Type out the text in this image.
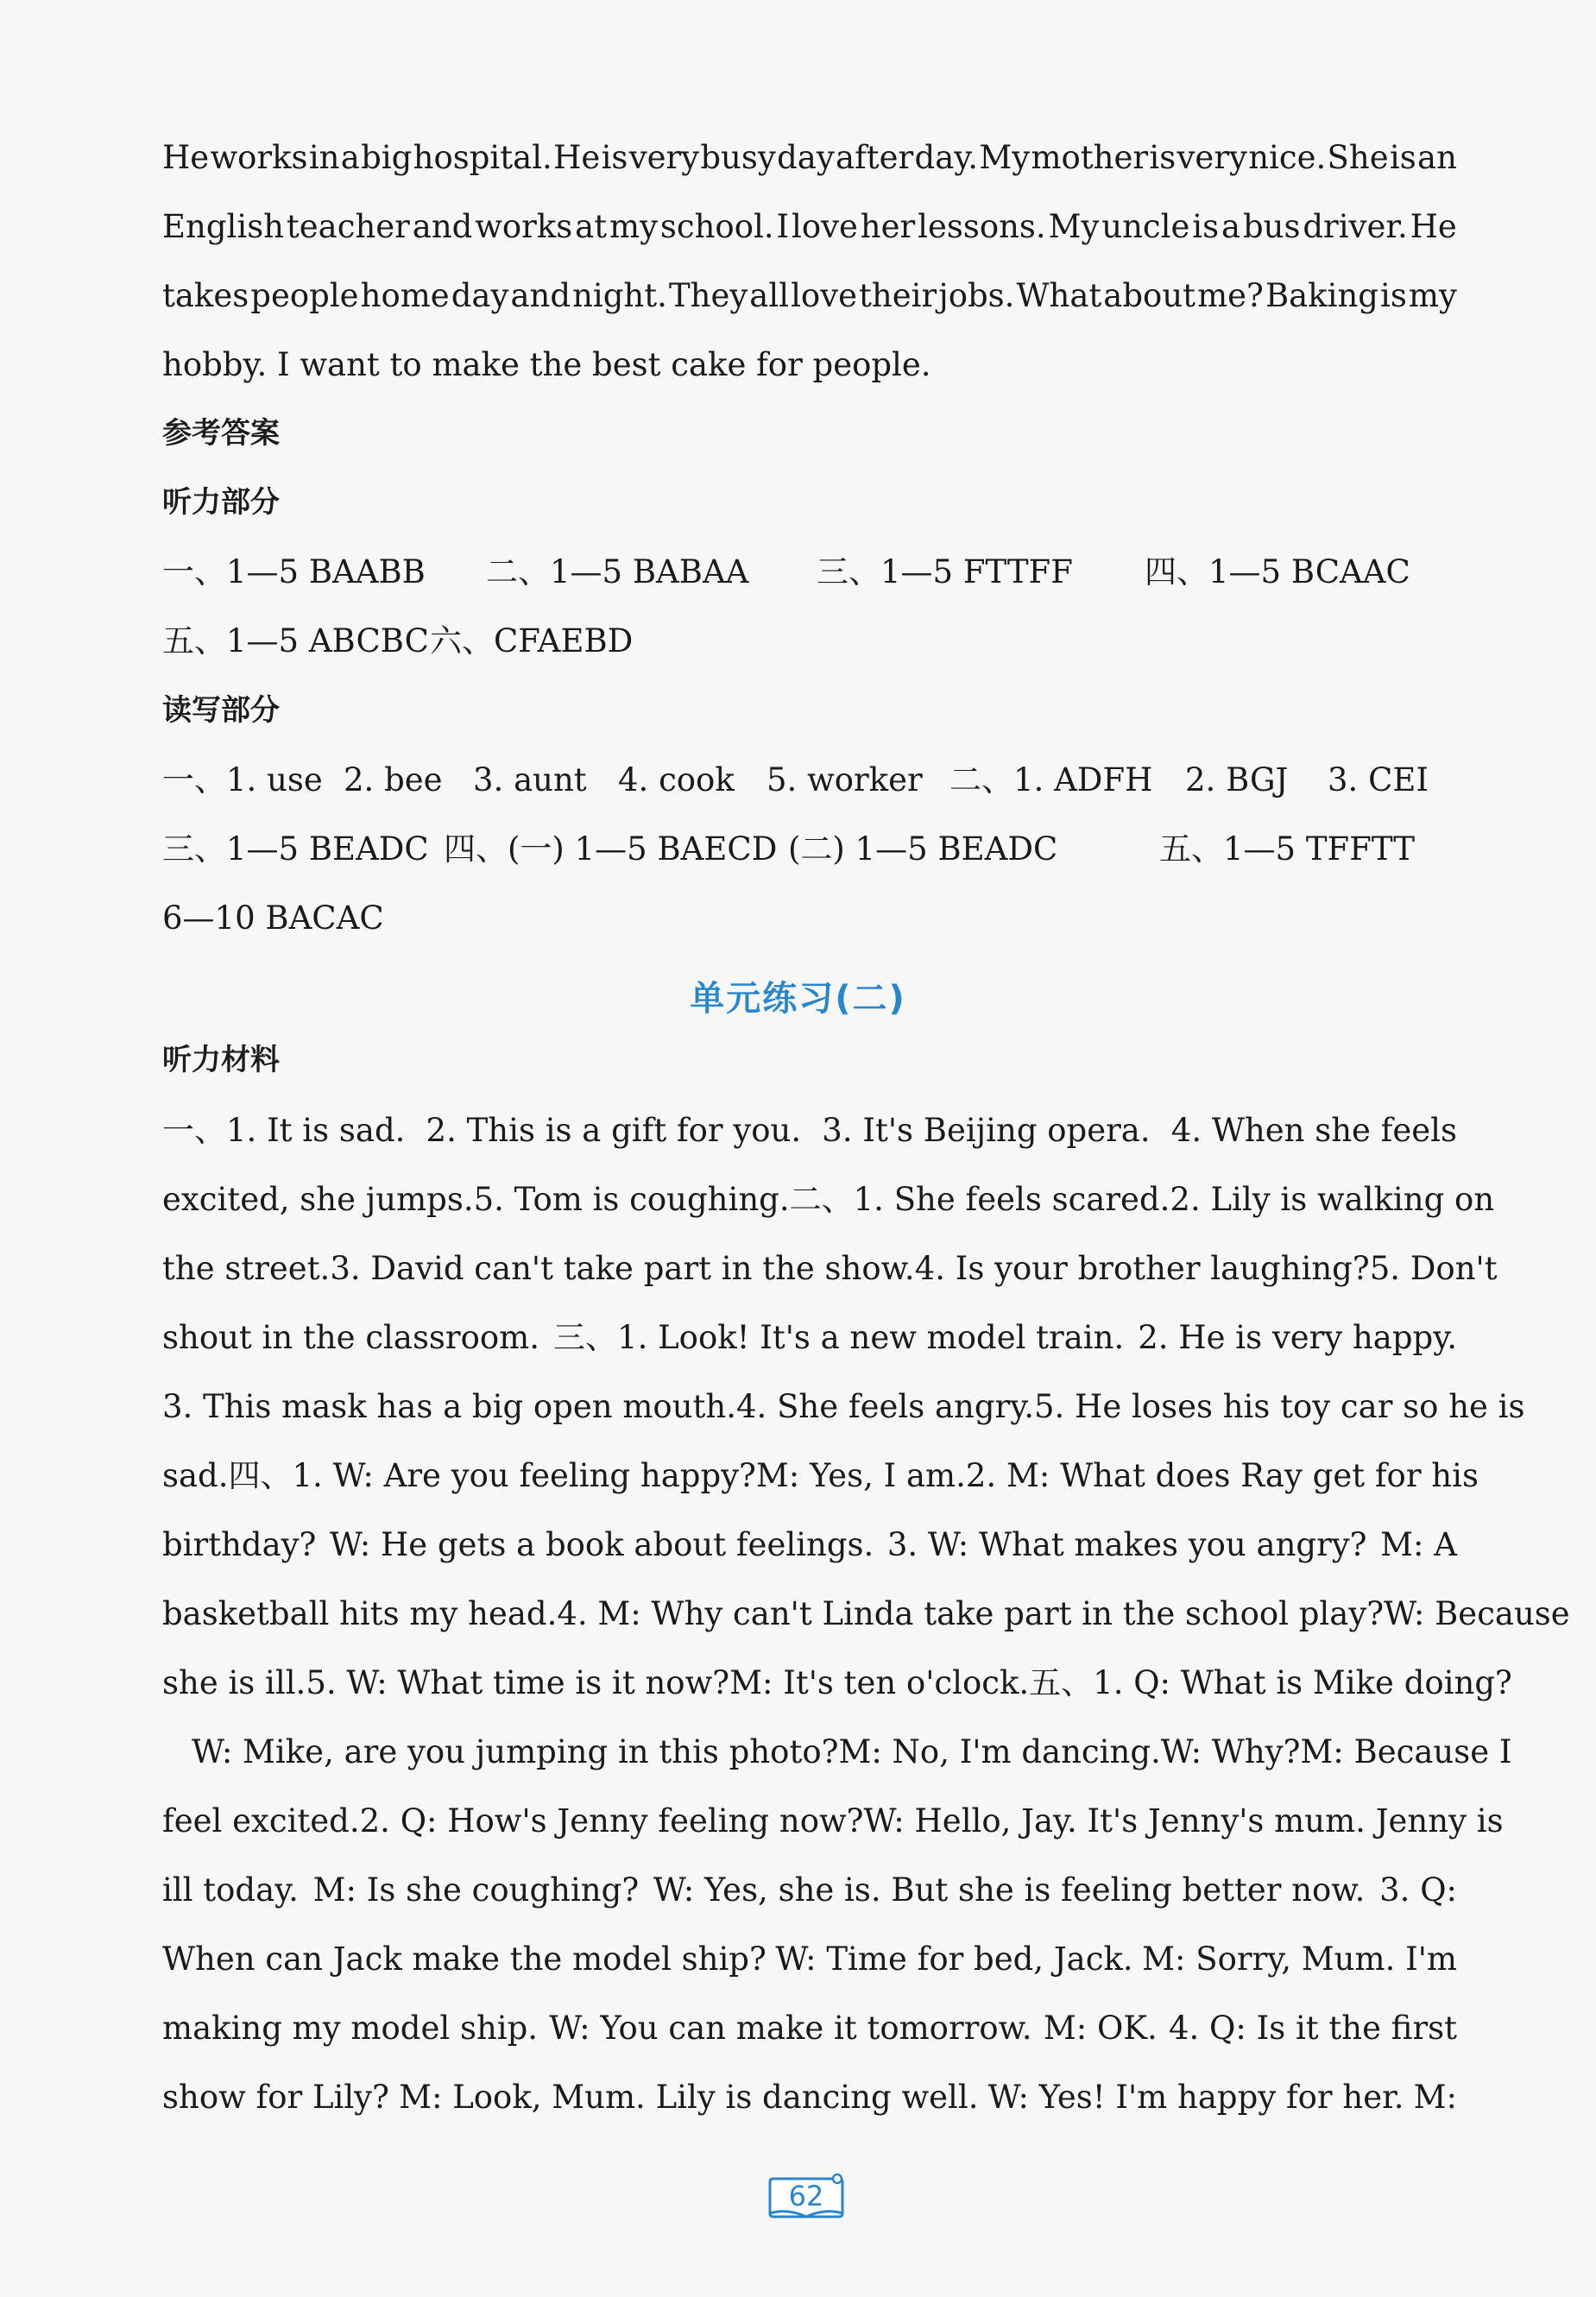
He works in a big hospital. He is very busy day after day. My mother is very nice. She is an
English teacher and works at my school. I love her lessons. My uncle is a bus driver. He
takes people home day and night. They all love their jobs. What about me? Baking is my
hobby. I want to make the best cake for people.
参考答案
听力部分
一、1—5 BAABB 二、1—5 BABAA 三、1—5 FTTFF 四、1—5 BCAAC
五、1—5 ABCBC 六、CFAEBD
读写部分
一、1. use 2. bee 3. aunt 4. cook 5. worker 二、1. ADFH 2. BGJ 3. CEI
三、1—5 BEADC 四、(一) 1—5 BAECD (二) 1—5 BEADC	五、1—5 TFFTT
6—10 BACAC
单元练习(二)
听力材料
一、1. It is sad. 2. This is a gift for you. 3. It's Beijing opera. 4. When she feels
excited, she jumps. 5. Tom is coughing. 二、1. She feels scared. 2. Lily is walking on
the street. 3. David can't take part in the show. 4. Is your brother laughing? 5. Don't
shout in the classroom. 三、1. Look! It's a new model train. 2. He is very happy.
3. This mask has a big open mouth. 4. She feels angry. 5. He loses his toy car so he is
sad. 四、1. W: Are you feeling happy? M: Yes, I am. 2. M: What does Ray get for his
birthday? W: He gets a book about feelings. 3. W: What makes you angry? M: A
basketball hits my head. 4. M: Why can't Linda take part in the school play? W: Because
she is ill. 5. W: What time is it now? M: It's ten o'clock. 五、1. Q: What is Mike doing?
W: Mike, are you jumping in this photo? M: No, I'm dancing. W: Why? M: Because I
feel excited. 2. Q: How's Jenny feeling now? W: Hello, Jay. It's Jenny's mum. Jenny is
ill today. M: Is she coughing? W: Yes, she is. But she is feeling better now. 3. Q:
When can Jack make the model ship? W: Time for bed, Jack. M: Sorry, Mum. I'm
making my model ship. W: You can make it tomorrow. M: OK. 4. Q: Is it the first
show for Lily? M: Look, Mum. Lily is dancing well. W: Yes! I'm happy for her. M:
62
